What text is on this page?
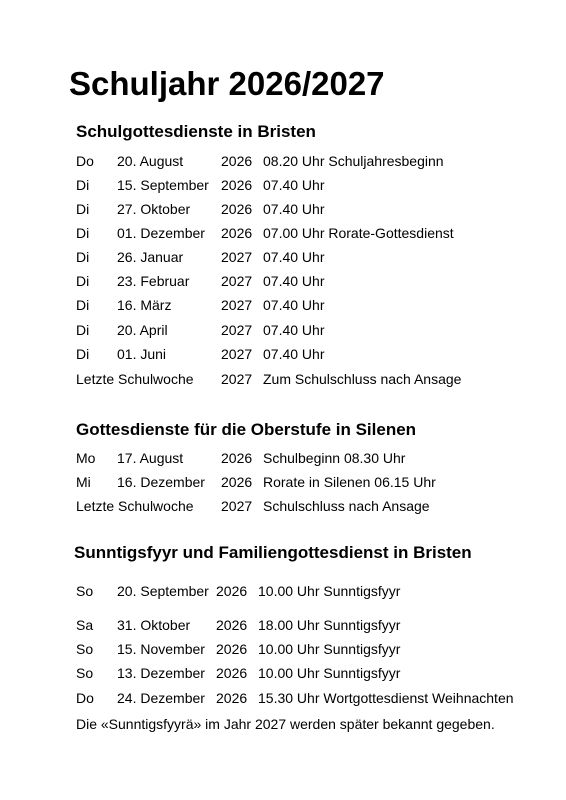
Schuljahr 2026/2027
Schulgottesdienste in Bristen
Do 20. August	2026 08.20 Uhr Schuljahresbeginn
Di 15. September 2026 07.40 Uhr
Di 27. Oktober 2026 07.40 Uhr
Di 01. Dezember 2026 07.00 Uhr Rorate-Gottesdienst
Di 26. Januar	2027 07.40 Uhr
Di 23. Februar 2027 07.40 Uhr
Di 16. März	2027 07.40 Uhr
Di 20. April	2027 07.40 Uhr
Di 01. Juni	2027 07.40 Uhr
Letzte Schulwoche 2027 Zum Schulschluss nach Ansage
Gottesdienste für die Oberstufe in Silenen
Mo 17. August	2026 Schulbeginn 08.30 Uhr
Mi 16. Dezember 2026 Rorate in Silenen 06.15 Uhr
Letzte Schulwoche 2027 Schulschluss nach Ansage
Sunntigsfyyr und Familiengottesdienst in Bristen
So 20. September 2026 10.00 Uhr Sunntigsfyyr
Sa 31. Oktober 2026 18.00 Uhr Sunntigsfyyr
So 15. November 2026 10.00 Uhr Sunntigsfyyr
So 13. Dezember 2026 10.00 Uhr Sunntigsfyyr
Do 24. Dezember 2026 15.30 Uhr Wortgottesdienst Weihnachten
Die «Sunntigsfyyrä» im Jahr 2027 werden später bekannt gegeben.
